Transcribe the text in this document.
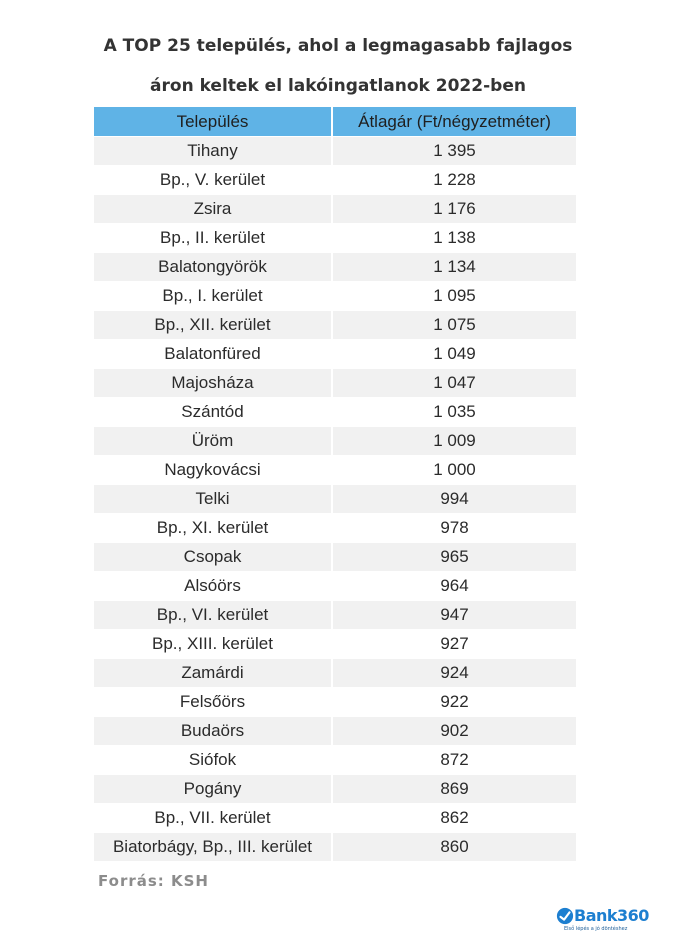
A TOP 25 település, ahol a legmagasabb fajlagos
áron keltek el lakóingatlanok 2022-ben
Település	Átlagár (Ft/négyzetméter)
Tihany	1 395
Bp., V. kerület	1 228
Zsira	1 176
Bp., II. kerület	1 138
Balatongyörök	1 134
Bp., I. kerület	1 095
Bp., XII. kerület	1 075
Balatonfüred	1 049
Majosháza	1 047
Szántód	1 035
Üröm	1 009
Nagykovácsi	1 000
Telki	994
Bp., XI. kerület	978
Csopak	965
Alsóörs	964
Bp., VI. kerület	947
Bp., XIII. kerület	927
Zamárdi	924
Felsőörs	922
Budaörs	902
Siófok	872
Pogány	869
Bp., VII. kerület	862
Biatorbágy, Bp., III. kerület	860
Forrás: KSH
Bank360
Első lépés a jó döntéshez
